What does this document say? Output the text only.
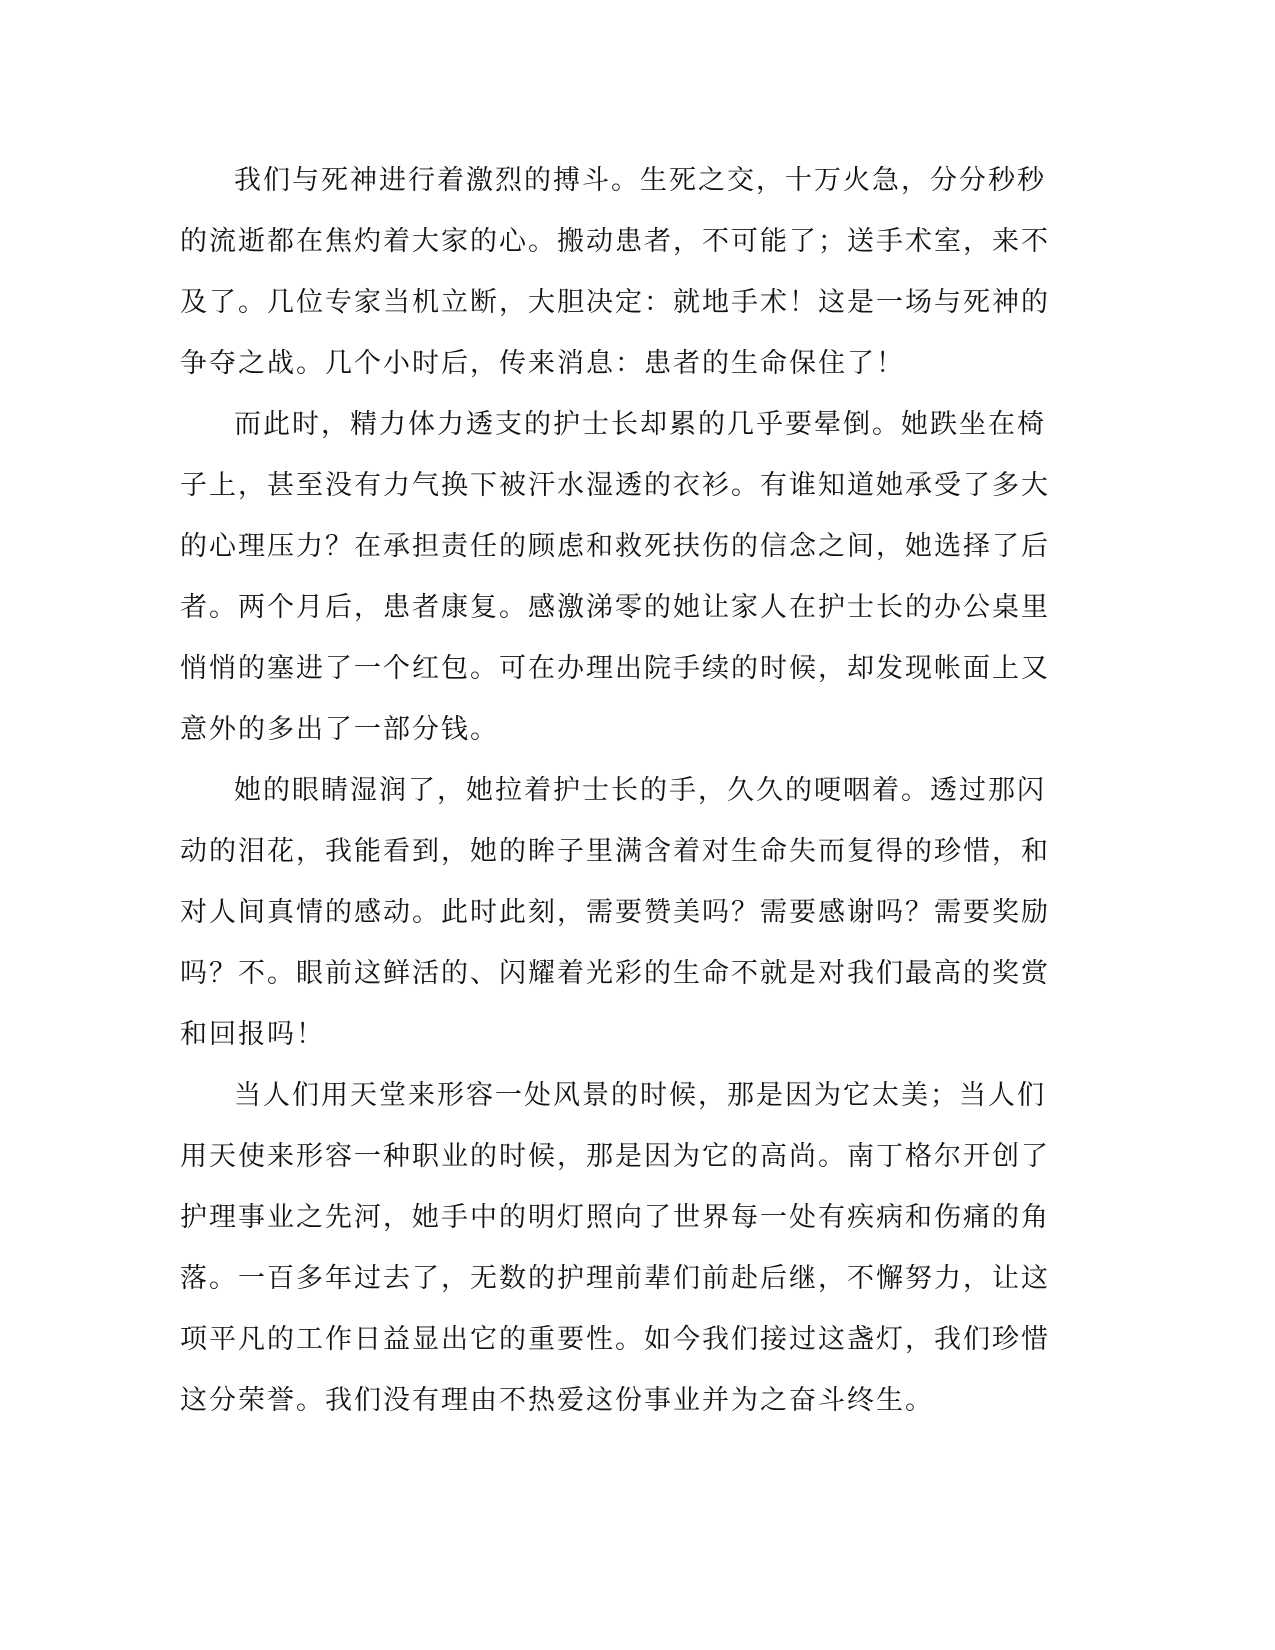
我们与死神进行着激烈的搏斗。生死之交，十万火急，分分秒秒的流逝都在焦灼着大家的心。搬动患者，不可能了；送手术室，来不及了。几位专家当机立断，大胆决定：就地手术！这是一场与死神的争夺之战。几个小时后，传来消息：患者的生命保住了！

而此时，精力体力透支的护士长却累的几乎要晕倒。她跌坐在椅子上，甚至没有力气换下被汗水湿透的衣衫。有谁知道她承受了多大的心理压力？在承担责任的顾虑和救死扶伤的信念之间，她选择了后者。两个月后，患者康复。感激涕零的她让家人在护士长的办公桌里悄悄的塞进了一个红包。可在办理出院手续的时候，却发现帐面上又意外的多出了一部分钱。

她的眼睛湿润了，她拉着护士长的手，久久的哽咽着。透过那闪动的泪花，我能看到，她的眸子里满含着对生命失而复得的珍惜，和对人间真情的感动。此时此刻，需要赞美吗？需要感谢吗？需要奖励吗？不。眼前这鲜活的、闪耀着光彩的生命不就是对我们最高的奖赏和回报吗！

当人们用天堂来形容一处风景的时候，那是因为它太美；当人们用天使来形容一种职业的时候，那是因为它的高尚。南丁格尔开创了护理事业之先河，她手中的明灯照向了世界每一处有疾病和伤痛的角落。一百多年过去了，无数的护理前辈们前赴后继，不懈努力，让这项平凡的工作日益显出它的重要性。如今我们接过这盏灯，我们珍惜这分荣誉。我们没有理由不热爱这份事业并为之奋斗终生。
